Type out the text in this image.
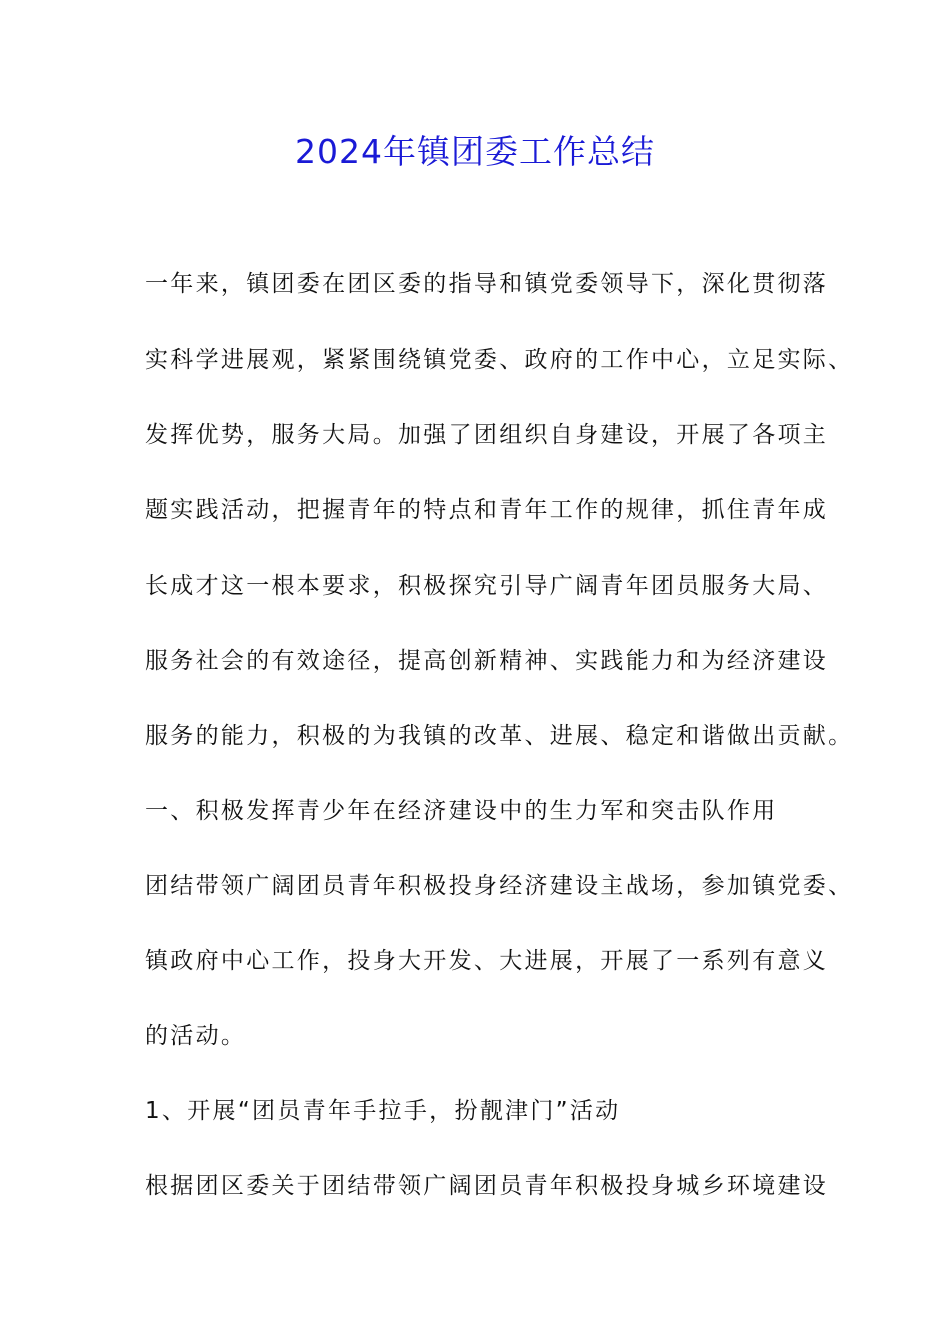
2024年镇团委工作总结
一年来，镇团委在团区委的指导和镇党委领导下，深化贯彻落
实科学进展观，紧紧围绕镇党委、政府的工作中心，立足实际、
发挥优势，服务大局。加强了团组织自身建设，开展了各项主
题实践活动，把握青年的特点和青年工作的规律，抓住青年成
长成才这一根本要求，积极探究引导广阔青年团员服务大局、
服务社会的有效途径，提高创新精神、实践能力和为经济建设
服务的能力，积极的为我镇的改革、进展、稳定和谐做出贡献。
一、积极发挥青少年在经济建设中的生力军和突击队作用
团结带领广阔团员青年积极投身经济建设主战场，参加镇党委、
镇政府中心工作，投身大开发、大进展，开展了一系列有意义
的活动。
1、开展“团员青年手拉手，扮靓津门”活动
根据团区委关于团结带领广阔团员青年积极投身城乡环境建设
